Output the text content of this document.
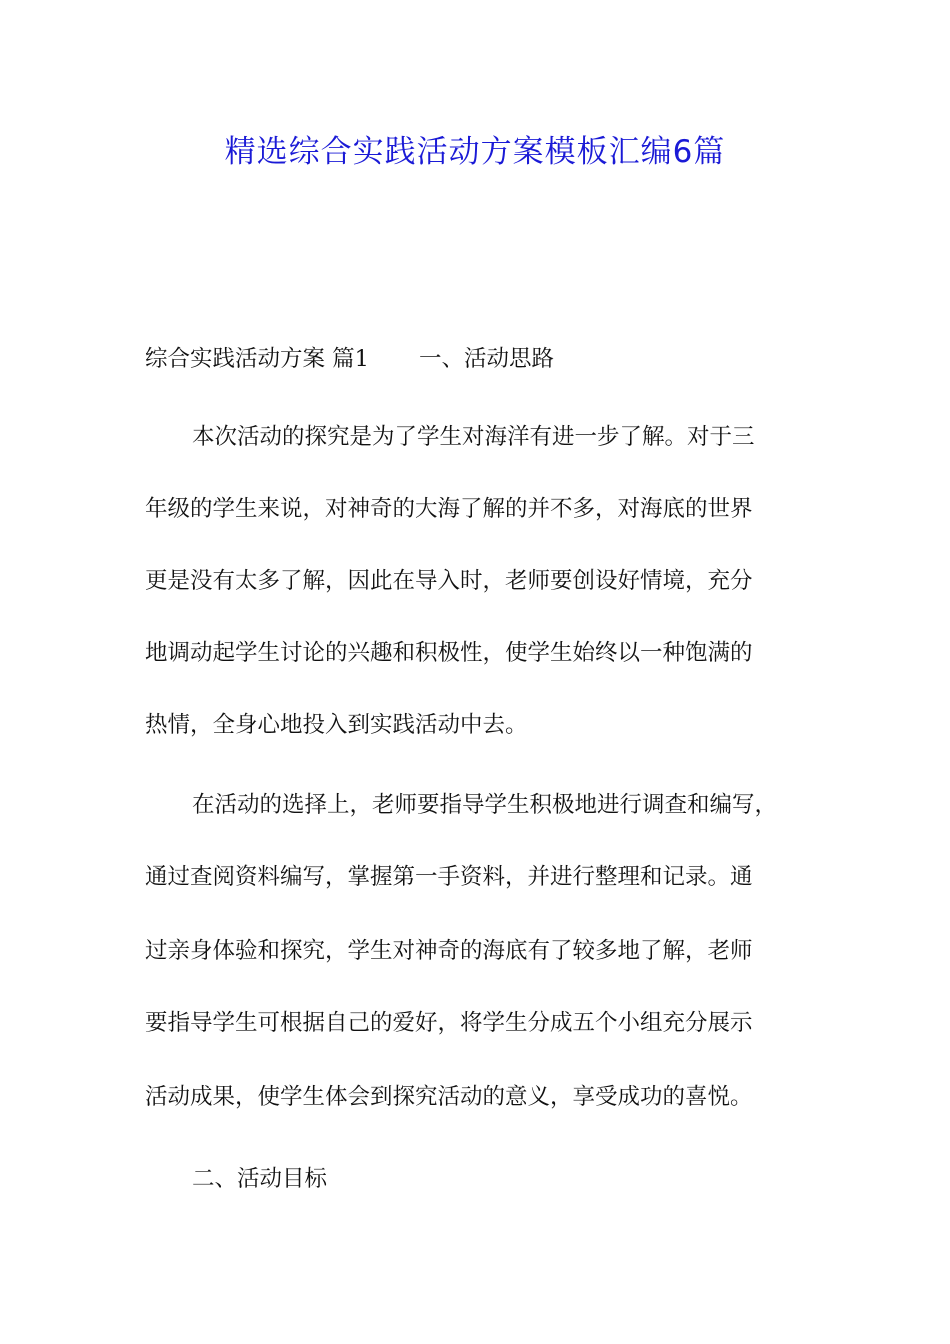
精选综合实践活动方案模板汇编6篇

综合实践活动方案 篇1 一、活动思路

本次活动的探究是为了学生对海洋有进一步了解。对于三

年级的学生来说，对神奇的大海了解的并不多，对海底的世界

更是没有太多了解，因此在导入时，老师要创设好情境，充分

地调动起学生讨论的兴趣和积极性，使学生始终以一种饱满的

热情，全身心地投入到实践活动中去。

在活动的选择上，老师要指导学生积极地进行调查和编写，

通过查阅资料编写，掌握第一手资料，并进行整理和记录。通

过亲身体验和探究，学生对神奇的海底有了较多地了解，老师

要指导学生可根据自己的爱好，将学生分成五个小组充分展示

活动成果，使学生体会到探究活动的意义，享受成功的喜悦。

二、活动目标
